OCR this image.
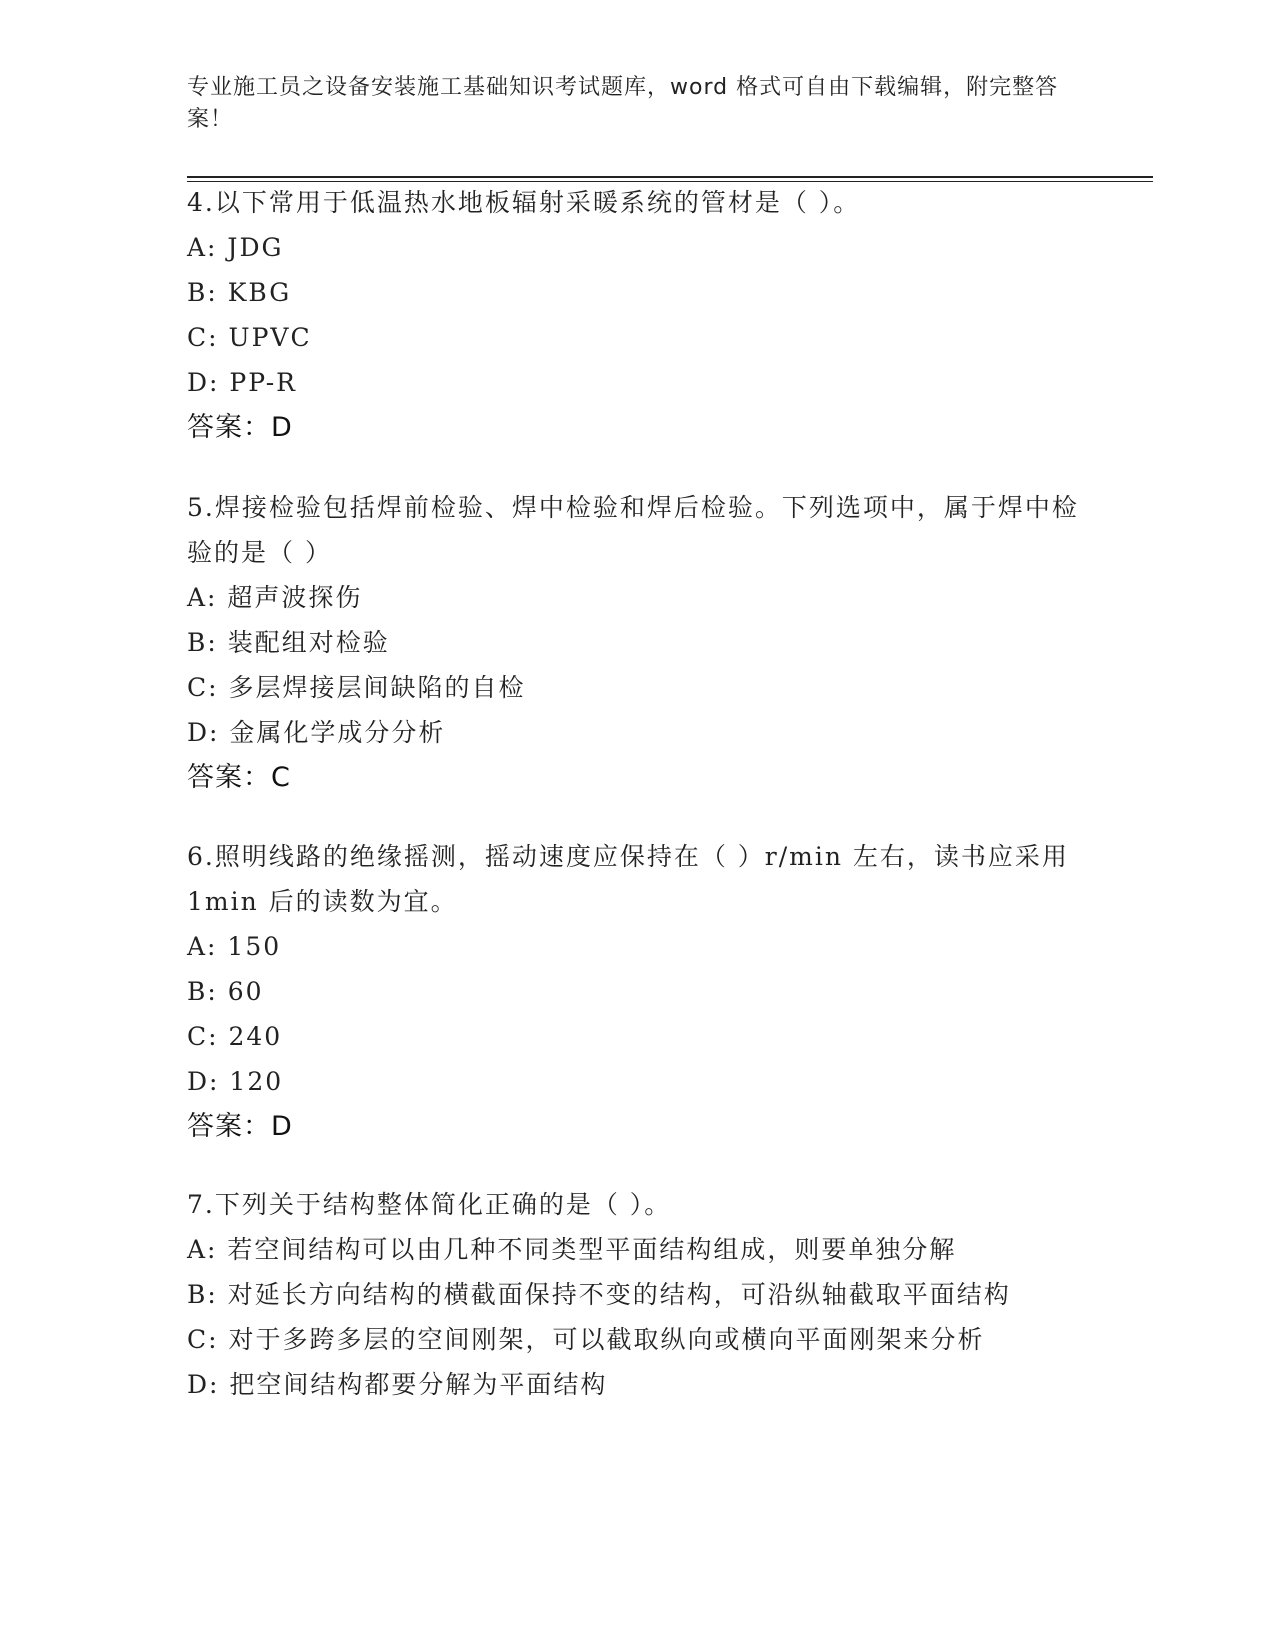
专业施工员之设备安装施工基础知识考试题库，word 格式可自由下载编辑，附完整答案！

4.以下常用于低温热水地板辐射采暖系统的管材是（ ）。

A: JDG

B: KBG

C: UPVC

D: PP-R

答案：D

5.焊接检验包括焊前检验、焊中检验和焊后检验。下列选项中，属于焊中检验的是（ ）

A: 超声波探伤

B: 装配组对检验

C: 多层焊接层间缺陷的自检

D: 金属化学成分分析

答案：C

6.照明线路的绝缘摇测，摇动速度应保持在（ ）r/min 左右，读书应采用 1min 后的读数为宜。

A: 150

B: 60

C: 240

D: 120

答案：D

7.下列关于结构整体简化正确的是（ ）。

A: 若空间结构可以由几种不同类型平面结构组成，则要单独分解

B: 对延长方向结构的横截面保持不变的结构，可沿纵轴截取平面结构

C: 对于多跨多层的空间刚架，可以截取纵向或横向平面刚架来分析

D: 把空间结构都要分解为平面结构
